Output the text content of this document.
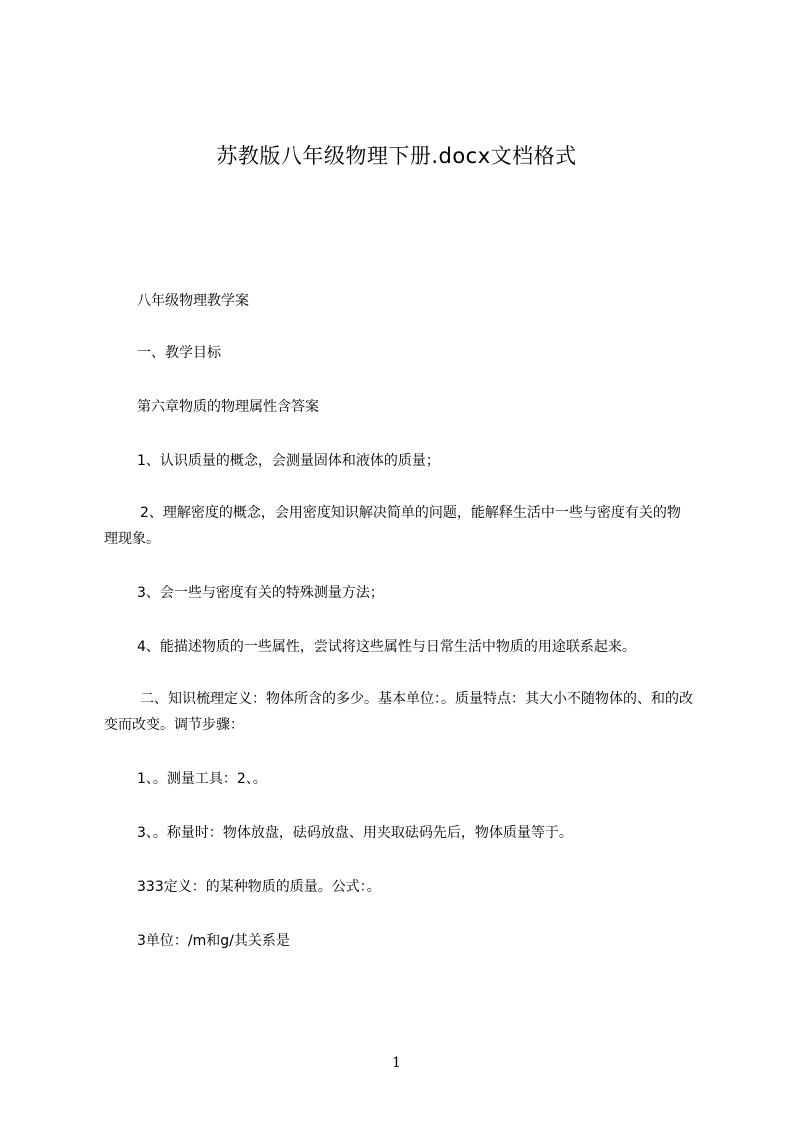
苏教版八年级物理下册.docx文档格式
八年级物理教学案
一、教学目标
第六章物质的物理属性含答案
1、认识质量的概念，会测量固体和液体的质量；
2、理解密度的概念，会用密度知识解决简单的问题，能解释生活中一些与密度有关的物理现象。
3、会一些与密度有关的特殊测量方法；
4、能描述物质的一些属性，尝试将这些属性与日常生活中物质的用途联系起来。
二、知识梳理定义：物体所含的多少。基本单位：。质量特点：其大小不随物体的、和的改变而改变。调节步骤：
1、。测量工具：2、。
3、。称量时：物体放盘，砝码放盘、用夹取砝码先后，物体质量等于。
333定义：的某种物质的质量。公式：。
3单位：/m和g/其关系是
1
